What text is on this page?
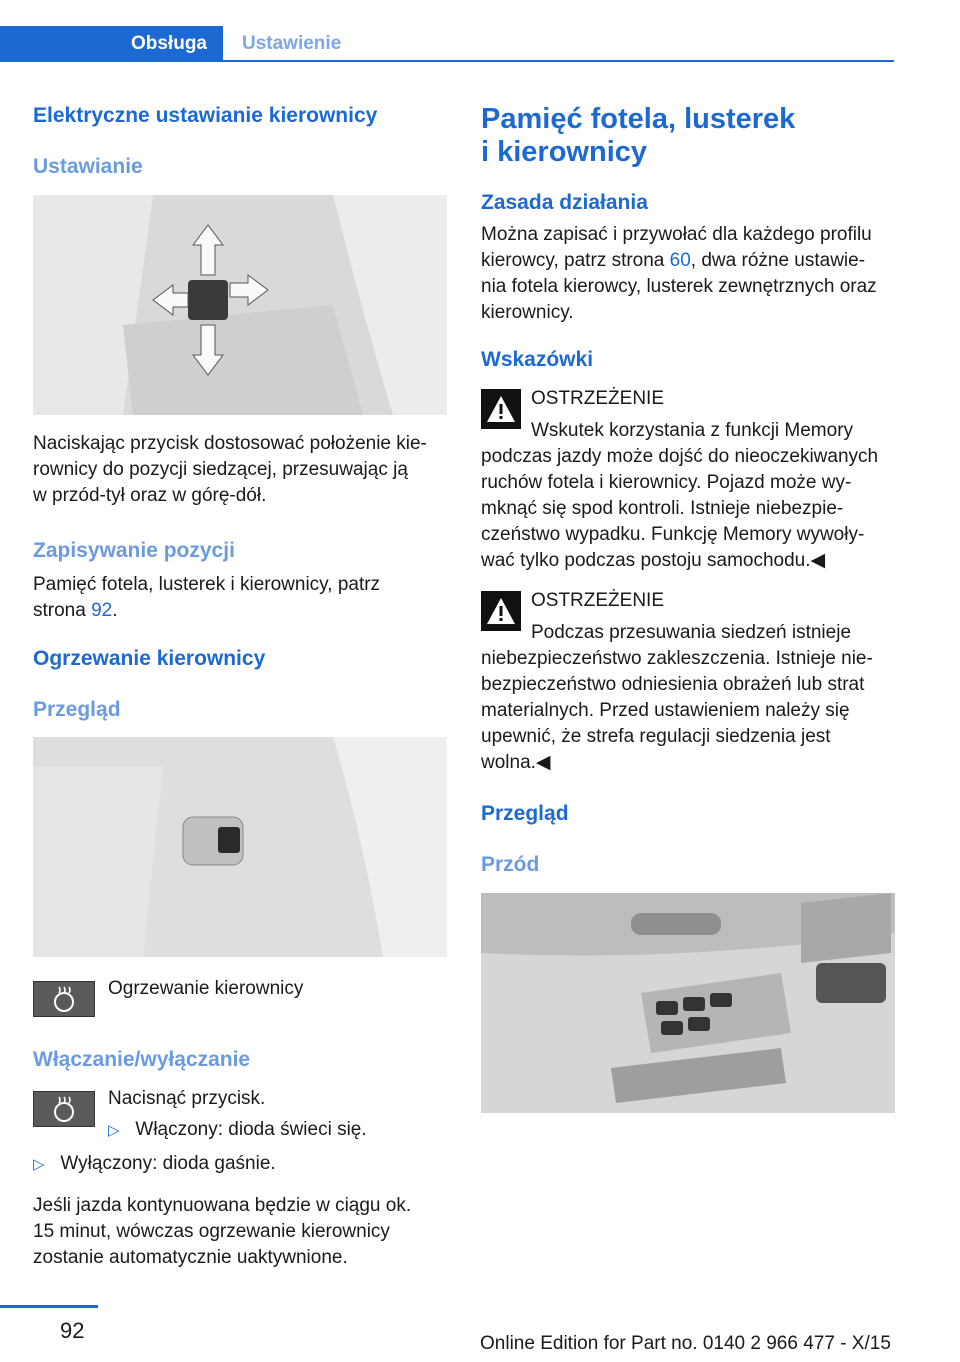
Obsługa	Ustawienie
Elektryczne ustawianie kierownicy
Ustawianie
Naciskając przycisk dostosować położenie kie‐
rownicy do pozycji siedzącej, przesuwając ją
w przód-tył oraz w górę-dół.
Zapisywanie pozycji
Pamięć fotela, lusterek i kierownicy, patrz
strona 92.
Ogrzewanie kierownicy
Przegląd
Ogrzewanie kierownicy
Włączanie/wyłączanie
Nacisnąć przycisk.
▷ Włączony: dioda świeci się.
▷ Wyłączony: dioda gaśnie.
Jeśli jazda kontynuowana będzie w ciągu ok.
15 minut, wówczas ogrzewanie kierownicy
zostanie automatycznie uaktywnione.
Pamięć fotela, lusterek
i kierownicy
Zasada działania
Można zapisać i przywołać dla każdego profilu
kierowcy, patrz strona 60, dwa różne ustawie‐
nia fotela kierowcy, lusterek zewnętrznych oraz
kierownicy.
Wskazówki
OSTRZEŻENIE
Wskutek korzystania z funkcji Memory
podczas jazdy może dojść do nieoczekiwanych
ruchów fotela i kierownicy. Pojazd może wy‐
mknąć się spod kontroli. Istnieje niebezpie‐
czeństwo wypadku. Funkcję Memory wywoły‐
wać tylko podczas postoju samochodu.◀
OSTRZEŻENIE
Podczas przesuwania siedzeń istnieje
niebezpieczeństwo zakleszczenia. Istnieje nie‐
bezpieczeństwo odniesienia obrażeń lub strat
materialnych. Przed ustawieniem należy się
upewnić, że strefa regulacji siedzenia jest
wolna.◀
Przegląd
Przód
92
Online Edition for Part no. 0140 2 966 477 - X/15
